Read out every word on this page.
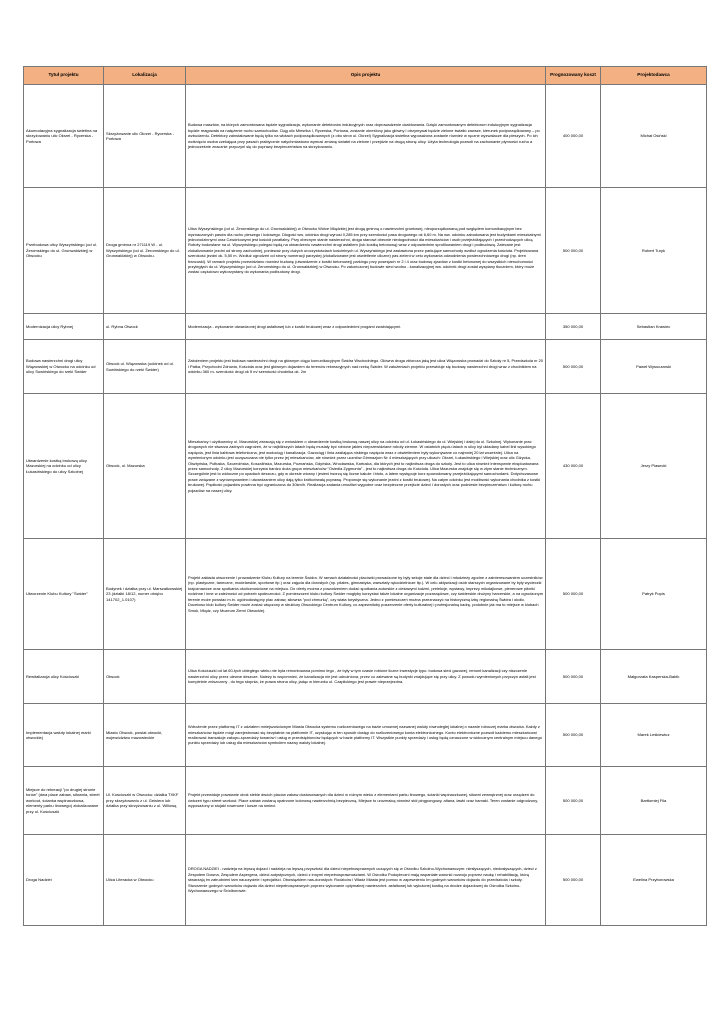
Tytuł projektu	Lokalizacja	Opis projektu	Prognozowany koszt	Projektodawca
Akomodacyjna sygnalizacja świetlna na skrzyżowaniu ulic Okrzei - Rycerska - Portowa	Skrzyżowanie ulic Okrzei - Rycerska - Portowa	Budowa masztów, na których zamontowana będzie sygnalizacja, wykonanie detektorów indukcyjnych oraz doprowadzenie okablowania. Dzięki zamontowanym detektorom indukcyjnym sygnalizacja będzie reagowała na natężenie ruchu samochodów. Ciąg ulic Miesńka I, Rycerska, Portowa, zostanie określony jako główny i otrzymywał będzie zielone światło zawsze, kierunek podporządkowany – po wzbudzeniu. Detektory zainstalowane będą tylko na wlotach podporządkowanych (z obu stron ul. Okrzei) Sygnalizacja świetlna wyposażona zostanie również w ręczne wyzwalacze dla pieszych. Po ich wciśnięciu osoba czekająca przy pasach praktycznie natychmiastowo wymusi zmianę świateł na zielone i przejdzie na drugą stronę ulicy. Użyta technologia pozwoli na zachowanie płynności ruchu a jednocześnie znacznie przyczyni się do poprawy bezpieczeństwa na skrzyżowaniu.	400 000,00	Michał Osiński
Przebudowa ulicy Wyszyńskiego (od ul. Żeromskiego do ul. Grunwaldzkiej) w Otwocku	Droga gminna nr 271119 W - ul. Wyszyńskiego (od ul. Żeromskiego do ul. Grunwaldzkiej) w Otwocku.	Ulica Wyszyńskiego (od ul. Żeromskiego do ul. Grunwaldzkiej) w Otwocku Wólce Mlądzkiej jest drogą gminną o nawierzchni gruntowej, nieuporządkowaną pod względem komunikacyjnym bez wyznaczonych pasów dla ruchu pieszego i kołowego. Długość ww. odcinka drogi wynosi 0,285 km przy szerokości pasa drogowego ok 6,60 m. Na ww. odcinku zabudowana jest budynkami mieszkalnymi jednorodzinnymi oraz Czwórkowymi jest kościół parafialny. Przy obecnym stanie nawierzchni, droga stanowi obecnie niedogodności dla mieszkańców i osób przejeżdżających i przechodzących ulicą. Roboty budowlane na ul. Wyszyńskiego polegać będą na utwardzeniu nawierzchni drogi asfaltem (lub kostką betonową) wraz z odpowiednim sprofilowaniem drogi i podbudową. Zalecane jest zlokalizowanie jezdni od strony zachodniej, ponieważ przy dużych uroczystościach kościelnych ul. Wyszyńskiego jest zastawiona przez parkujące samochody wzdłuż ogrodzenia kościoła. Projektowana szerokość jezdni ok. 5,50 m. Wzdłuż ogrodzeń od strony numeracji parzystej (zlokalizowane jest oświetlenie uliczne) pas zieleni w celu wykonania odwodnienia powierzchniowego drogi (np. dren francuski). W ramach projektu przewidziano również budowę (utwardzenie z kostki betonowej) parkingu przy posesjach nr 2 i 4 oraz budowę zjazdów z kostki betonowej do wszystkich nieruchomości przyległych do ul. Wyszyńskiego (od ul. Żeromskiego do ul. Grunwaldzkiej) w Otwocku. Po zakończonej budowie sieci wodno - kanalizacyjnej ww. odcinek drogi został wyspiany tłuczniem, który może zostać częściowo wykorzystany do wykonania podbudowy drogi.	500 000,00	Robert Turyk
Modernizacja ulicy Rybnej	ul. Rybna Otwock	Modernizacja - wykonanie utwardzonej drogi asfaltowej lub z kostki brukowej wraz z odpowiednimi progami zwalniającymi.	350 000,00	Sebastian Krawiec
Budowa nawierzchni drogi ulicy Wiązowskiej w Otwocku na odcinku od ulicy Sowińskiego do rzeki Świder	Otwock ul. Wiązowska (odcinek od ul. Sowińskiego do rzeki Świder)	Założeniem projektu jest budowa nawierzchni drogi na głównym ciągu komunikacyjnym Świdra Wschodniego. Główna droga zbiorcza jaką jest ulica Wiązowska prowadzi do Szkoły nr 5, Przedszkola nr 20 i Patka, Przychodni Zdrowia, Kościoła oraz jest głównym dojazdem do terenów rekreacyjnych nad rzeką Świder. W założeniach projektu przewiduje się budowę nawierzchni drogi wraz z chodnikiem na odcinku 360 m- szerokość drogi ok 5 m/ szerokość chodnika ok. 2m	500 000,00	Paweł Wysoczarski
Utwardzenie kostką brukową ulicy Mazurskiej na odcinku od ulicy Łukasińskiego do ulicy Szkolnej	Otwock, ul. Mazurska	Mieszkańcy i użytkownicy ul. Mazurskiej zwracają się z wnioskiem o utwardzenie kostką brukową naszej ulicy na odcinku od ul. Łukasińskiego do ul. Wiejskiej i dalej do ul. Szkolnej. Wykonanie prac drogowych nie stwarza żadnych zagrożeń, że w najbliższych latach będą musiały być robione jakieś nieprzewidziane roboty ziemne. W ostatnich pięciu latach w ulicy był układany kabel linii wysokiego napięcia, jest linia kablowa telefoniczna, jest wodociąg i kanalizacja. Gazociąg i linia zasilająca niskiego napięcia wraz z oświetleniem były wykonywane co najmniej 20 lat wcześniej. Ulica na wymienionym odcinku jest uczęszczana nie tylko przez jej mieszkańców, ale również przez uczniów Gimnazjum Nr 4 mieszkających przy ulicach: Okrzei, Łukasińskiego i Wiejskiej oraz ulic Giżycka, Olsztyńska, Pułtuska, Szczecińska, Koszalińska, Mazurska, Poznańska, Gdyńska, Wrocławska, Kartuska, dla których jest to najkrótsza droga do szkoły. Jest to ulica również intensywnie eksploatowana przez samochody. Z ulicy Mazurskiej korzysta bardzo duża grupa mieszkańców "Osiedla Zygmunta" - jest to najkrótsza droga do Kościoła. Ulica Mazurska znajduje się w złym stanie technicznym. Szczególnie jest to widoczne po opadach deszczu, gdy w okresie wiosny i jesieni tworzą się liczne kałuże i błoto, a latem występuje kurz spowodowany przejeżdżającymi samochodami. Dotychczasowe prace związane z wyrównywaniem i utwardzaniem ulicy dają tylko krótkotrwałą poprawę. Proponuje się wykonanie jezdni z kostki brukowej. Na całym odcinku jest możliwość wykonania chodnika z kostki brukowej. Prędkość pojazdów powinna być ograniczona do 30km/h. Realizacja zadania umożliwi wygodne oraz bezpieczne przejście dzieci i dorosłych oraz podniesie bezpieczeństwo i kulturę ruchu pojazdów na naszej ulicy.	430 000,00	Jerzy Piasecki
Utworzenie Klubu Kultury "Świder"	Budynek i działka przy ul. Marszałkowskiej 23 (działki 18/12, numer obrębu 141702_1.0107)	Projekt zakłada utworzenie i prowadzenie Klubu Kultury na terenie Świdra. W ramach działalności placówki prowadzone by były sekcje stałe dla dzieci i młodzieży zgodne z zainteresowaniem uczestników (np. plastyczne, taneczne, modelarskie, sportowe itp.) oraz zajęcia dla dorosłych (np. pilates, gimnastyka, warsztaty rękodzielnicze itp.). W celu aktywizacji osób starszych organizowane by były wycieczki krajoznawcze oraz spotkania okolicznościowe na miejscu. Do oferty można z powodzeniem dodać spotkania autorskie z ciekawymi ludźmi, prelekcje, wystawy, imprezy mikołajkowe, plenerowe pikniki rodzinne i inne w zależności od potrzeb społeczności. Z pomieszczeń klubu kultury Świder mogłyby korzystać także lokalne organizacje pozarządowe, czy świderskie drużyny harcerskie, a na ogrodzonym terenie może powstać m.in. ogólnodostępny plac zabaw, siłownia "pod chmurką", czy wiata turystyczna. Jedno z pomieszczeń można przeznaczyć na historyczną izbę regionalną Świdra i okolic. Docelowo klub kultury Świder może zostać włączony w struktury Otwockiego Centrum Kultury, co zapewniłoby poszerzenie oferty kulturalnej i profesjonalną kadrę, podobnie jak ma to miejsce w klubach Smok, Mlądz, czy Muzeum Ziemi Otwockiej.	500 000,00	Patryk Popis
Rewitalizacja ulicy Kościuszki	Otwock	Ulica Kościuszki od lat 60-tych ubiegłego wieku nie była remontowana pomimo tego , że były w tym czasie robione liczne inwestycje typu: budowa sieci gazowej, remont kanalizacji czy niszczenie nawierzchni ulicy przez ulewne deszcze. Należy tu wspomnieć, że kanalizacja nie jest udrożniona, przez co zalewane są budynki znajdujące się przy ulicy. Z powodu wymienionych przyczyn asfalt jest kompletnie zniszczony , do tego stopnia, że prawa strona ulicy, jadąc w kierunku ul. Czaplickiego jest prawie nieprzejezdna.	500 000,00	Małgorzata Kasperska-Babik
Implementacja waluty lokalnej marki otwockiej	Miasto Otwock, powiat otwocki, województwo mazowieckie	Wdrożenie przez platformę IT z udziałem mniejszościowym Miasta Otwocka systemu rozliczeniowego na bazie umownej nazwanej waluty równoległej lokalnej o nazwie roboczej marka otwocka. Każdy z mieszkańców będzie mógł zarejestrować się bezpłatnie na platformie IT, uzyskując w ten sposób dostęp do rozliczeniowego konta elektronicznego. Konto elektroniczne pozwoli każdemu mieszkańcowi realizować transakcje zakupu-sprzedaży towarów i usług w przedsiębiorców będących w bazie platformy IT. Wszystkie punkty sprzedaży i usług będą oznaczone w widocznym centralnym miejscu danego punktu sprzedaży lub usług dla mieszkańców symbolem nazwy waluty lokalnej.	500 000,00	Marek Leśkiewicz
Miejsce do rekreacji "po drugiej stronie torów" (dwa place zabaw, siłownia, street workout, ścianka wspinaczkowa, elementy parku linowego) zlokalizowane przy ul. Kościuszki	Ul. Kościuszki w Otwocku: działka TXKF przy skrzyżowaniu z ul. Geislera lub działka przy skrzyżowaniu z ul. Willową	Projekt przewiduje powstanie obok siebie dwóch placów zabaw dostosowanych dla dzieci w różnym wieku z elementami parku linowego, ścianki wspinaczkowej, siłowni zewnętrznej oraz urządzeń do ćwiczeń typu street workout. Place zabaw zostaną opatrzone kolorową nawierzchnią bezpieczną. Miejsce to urozmaicą również stół pingpongowy, altana, ławki oraz hamaki. Teren zostanie odgrodzony, wyposażony w stojaki rowerowe i kosze na śmieci.	500 000,00	Bartłomiej Fila
Droga Nadziei	Ulica Literacka w Otwocku	DROGA NADZIEI - nadzieja na lepszą dojazd i nadzieja na lepszą przyszłość dla dzieci niepełnosprawnych uczących się w Ośrodku Szkolno-Wychowawczym: niesłyszących, niedosłyszących, dzieci z Zespołem Downa, Zespołem Aspergera, dzieci autystycznych, dzieci z innymi niepełnosprawnościami. W Ośrodku Podopieczni mają wspaniałe warunki rozwoju poprzez naukę i rehabilitację, którą stwarzają im zatrudnieni tam nauczyciele i specjaliści. Obowiązkiem nas-dorosłych: Rodziców i Władz Miasta jest pomoc w zapewnieniu Im godnych warunków dojazdu do przedszkola i szkoły. Stworzenie godnych warunków dojazdu dla dzieci niepełnosprawnych poprzez wykonanie optymalnej nawierzchni: asfaltowej lub wyłożonej kostką na drodze dojazdowej do Ośrodka Szkolno-Wychowawczego w Śródborowie.	500 000,00	Ewelina Przyborowska
